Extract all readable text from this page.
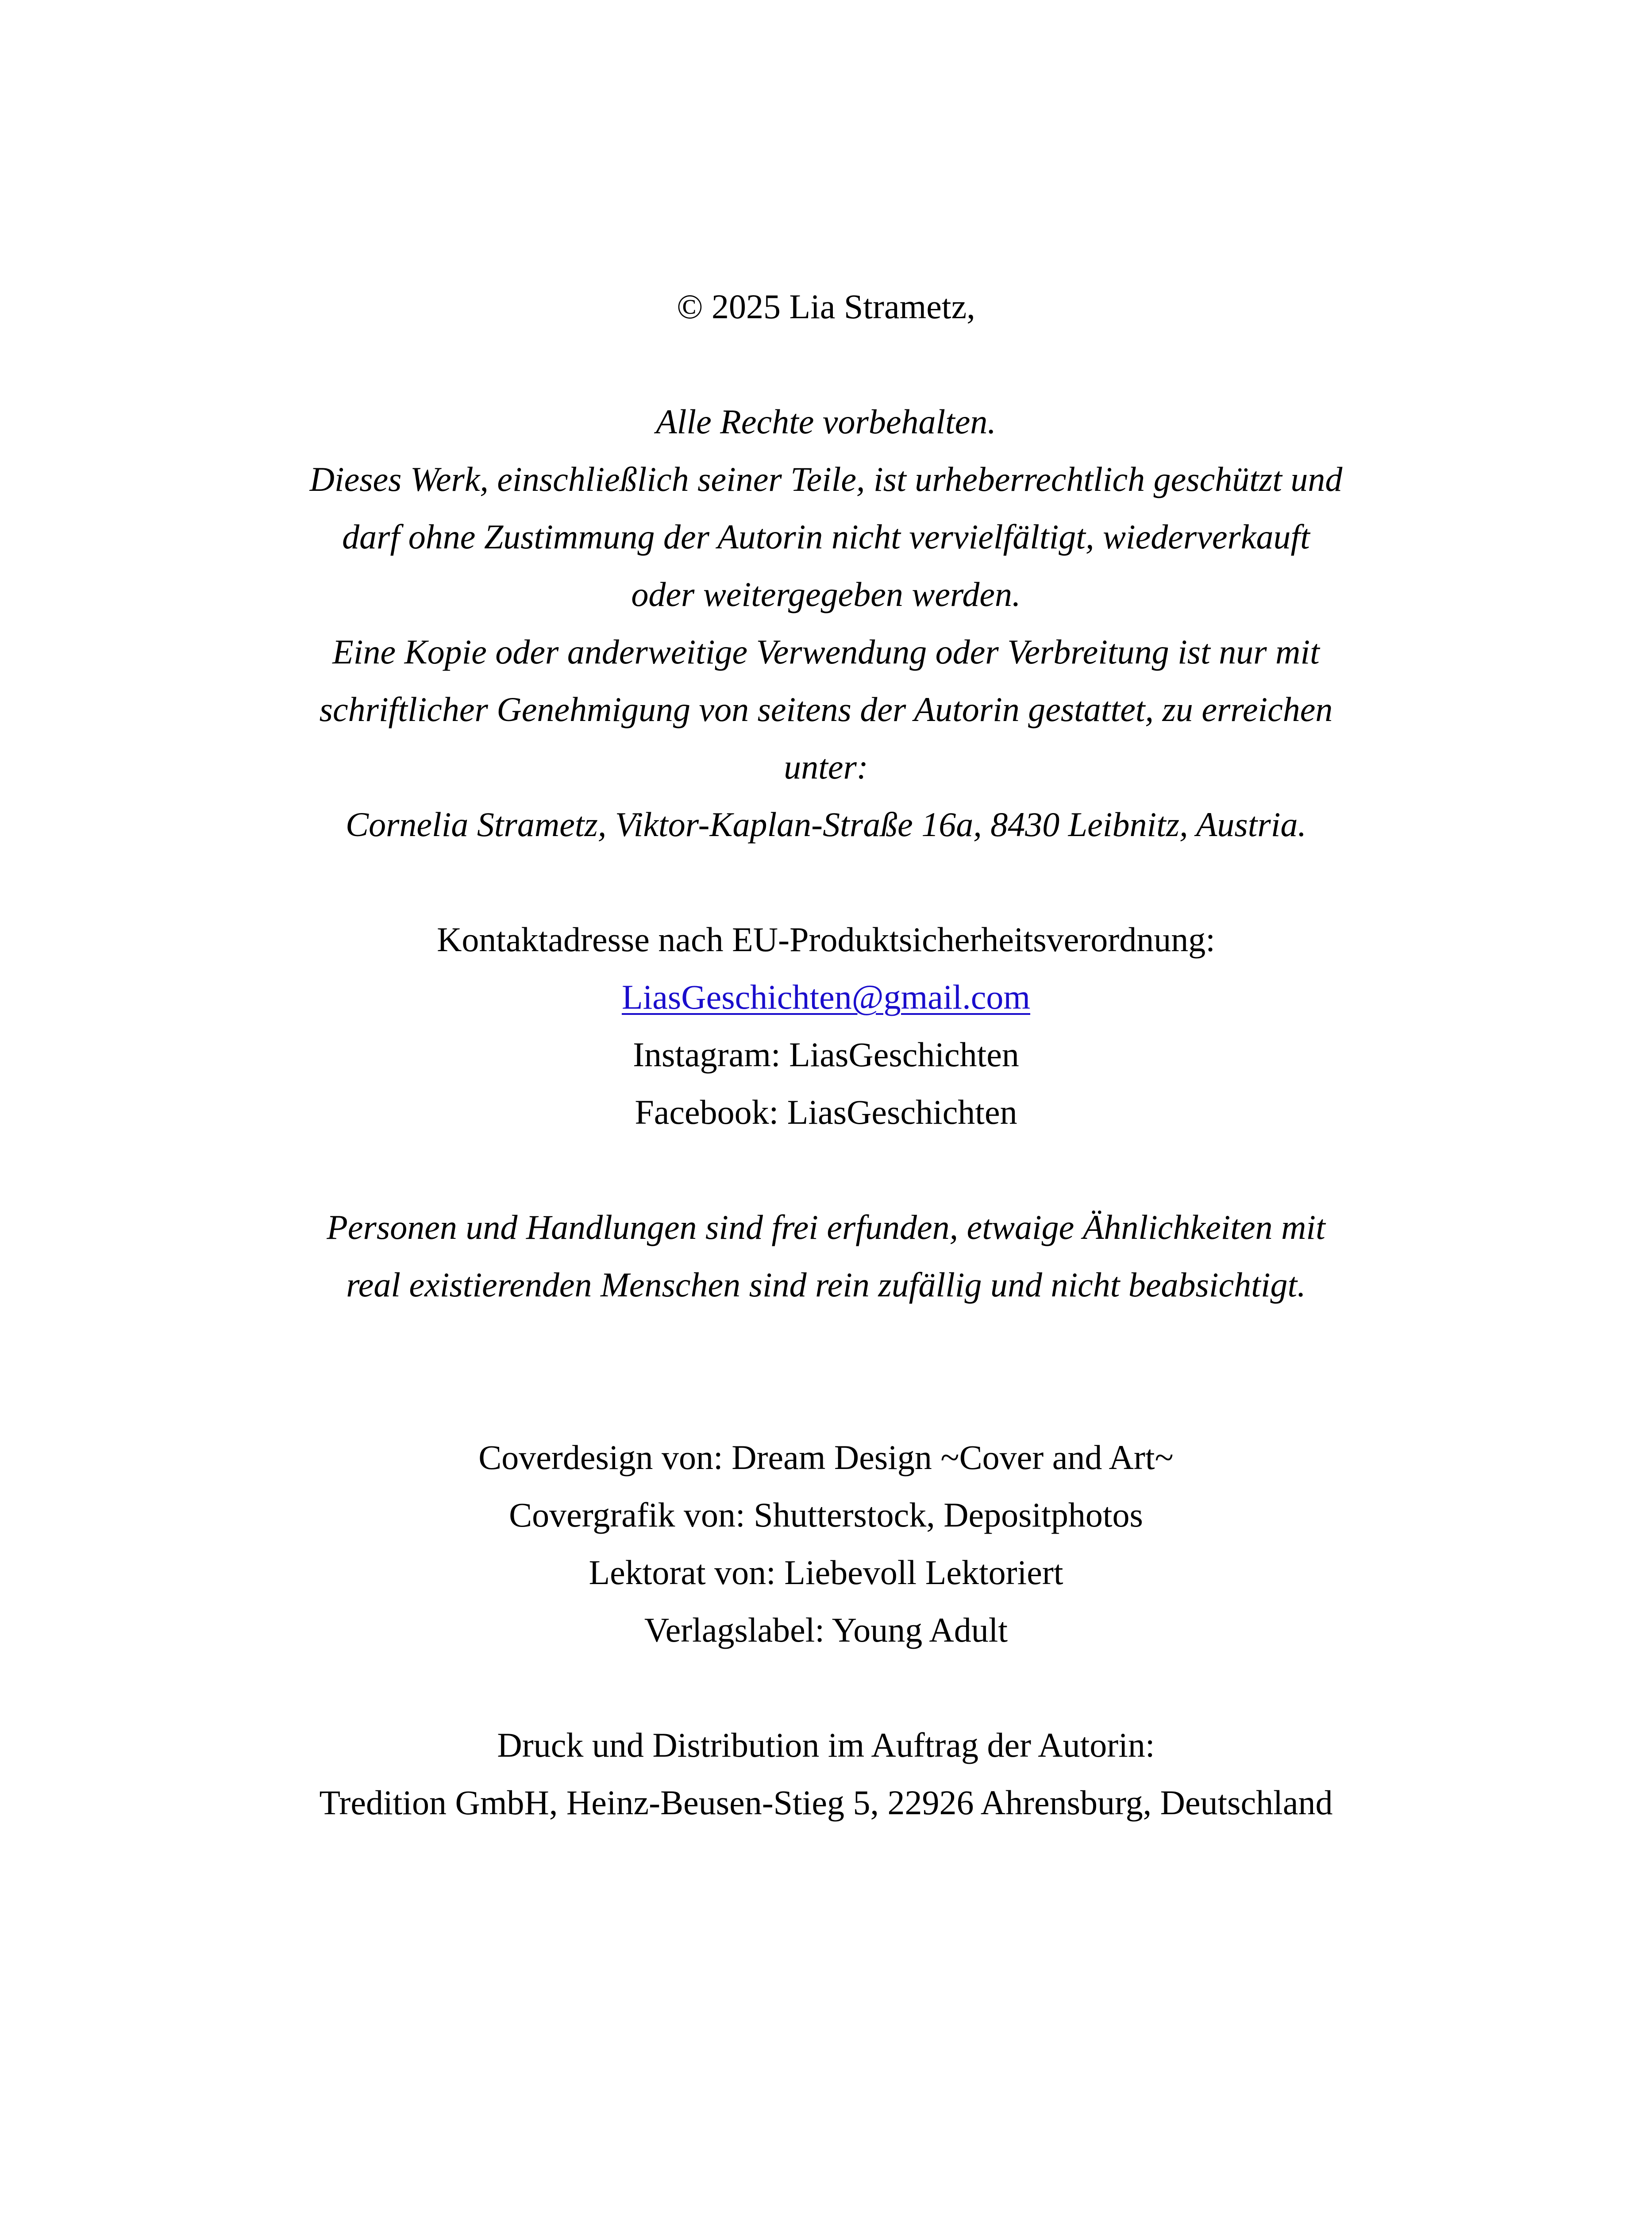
© 2025 Lia Strametz,
Alle Rechte vorbehalten.
Dieses Werk, einschließlich seiner Teile, ist urheberrechtlich geschützt und
darf ohne Zustimmung der Autorin nicht vervielfältigt, wiederverkauft
oder weitergegeben werden.
Eine Kopie oder anderweitige Verwendung oder Verbreitung ist nur mit
schriftlicher Genehmigung von seitens der Autorin gestattet, zu erreichen
unter:
Cornelia Strametz, Viktor-Kaplan-Straße 16a, 8430 Leibnitz, Austria.
Kontaktadresse nach EU-Produktsicherheitsverordnung:
LiasGeschichten@gmail.com
Instagram: LiasGeschichten
Facebook: LiasGeschichten
Personen und Handlungen sind frei erfunden, etwaige Ähnlichkeiten mit
real existierenden Menschen sind rein zufällig und nicht beabsichtigt.
Coverdesign von: Dream Design ~Cover and Art~
Covergrafik von: Shutterstock, Depositphotos
Lektorat von: Liebevoll Lektoriert
Verlagslabel: Young Adult
Druck und Distribution im Auftrag der Autorin:
Tredition GmbH, Heinz-Beusen-Stieg 5, 22926 Ahrensburg, Deutschland
